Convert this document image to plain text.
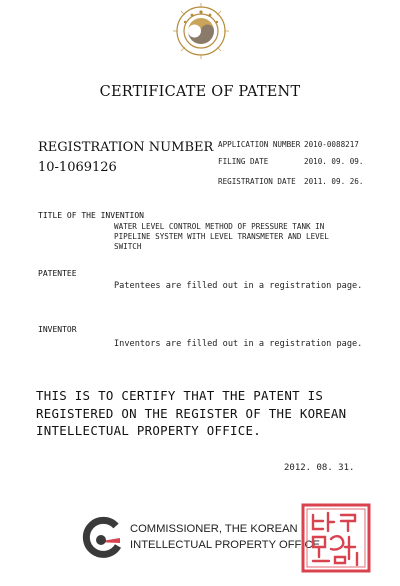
CERTIFICATE OF PATENT
REGISTRATION NUMBER
10-1069126
APPLICATION NUMBER 2010-0088217
FILING DATE	2010. 09. 09.
REGISTRATION DATE 2011. 09. 26.
TITLE OF THE INVENTION
WATER LEVEL CONTROL METHOD OF PRESSURE TANK IN
PIPELINE SYSTEM WITH LEVEL TRANSMETER AND LEVEL
SWITCH
PATENTEE
Patentees are filled out in a registration page.
INVENTOR
Inventors are filled out in a registration page.
THIS IS TO CERTIFY THAT THE PATENT IS
REGISTERED ON THE REGISTER OF THE KOREAN
INTELLECTUAL PROPERTY OFFICE.
2012. 08. 31.
COMMISSIONER, THE KOREAN
INTELLECTUAL PROPERTY OFFICE
